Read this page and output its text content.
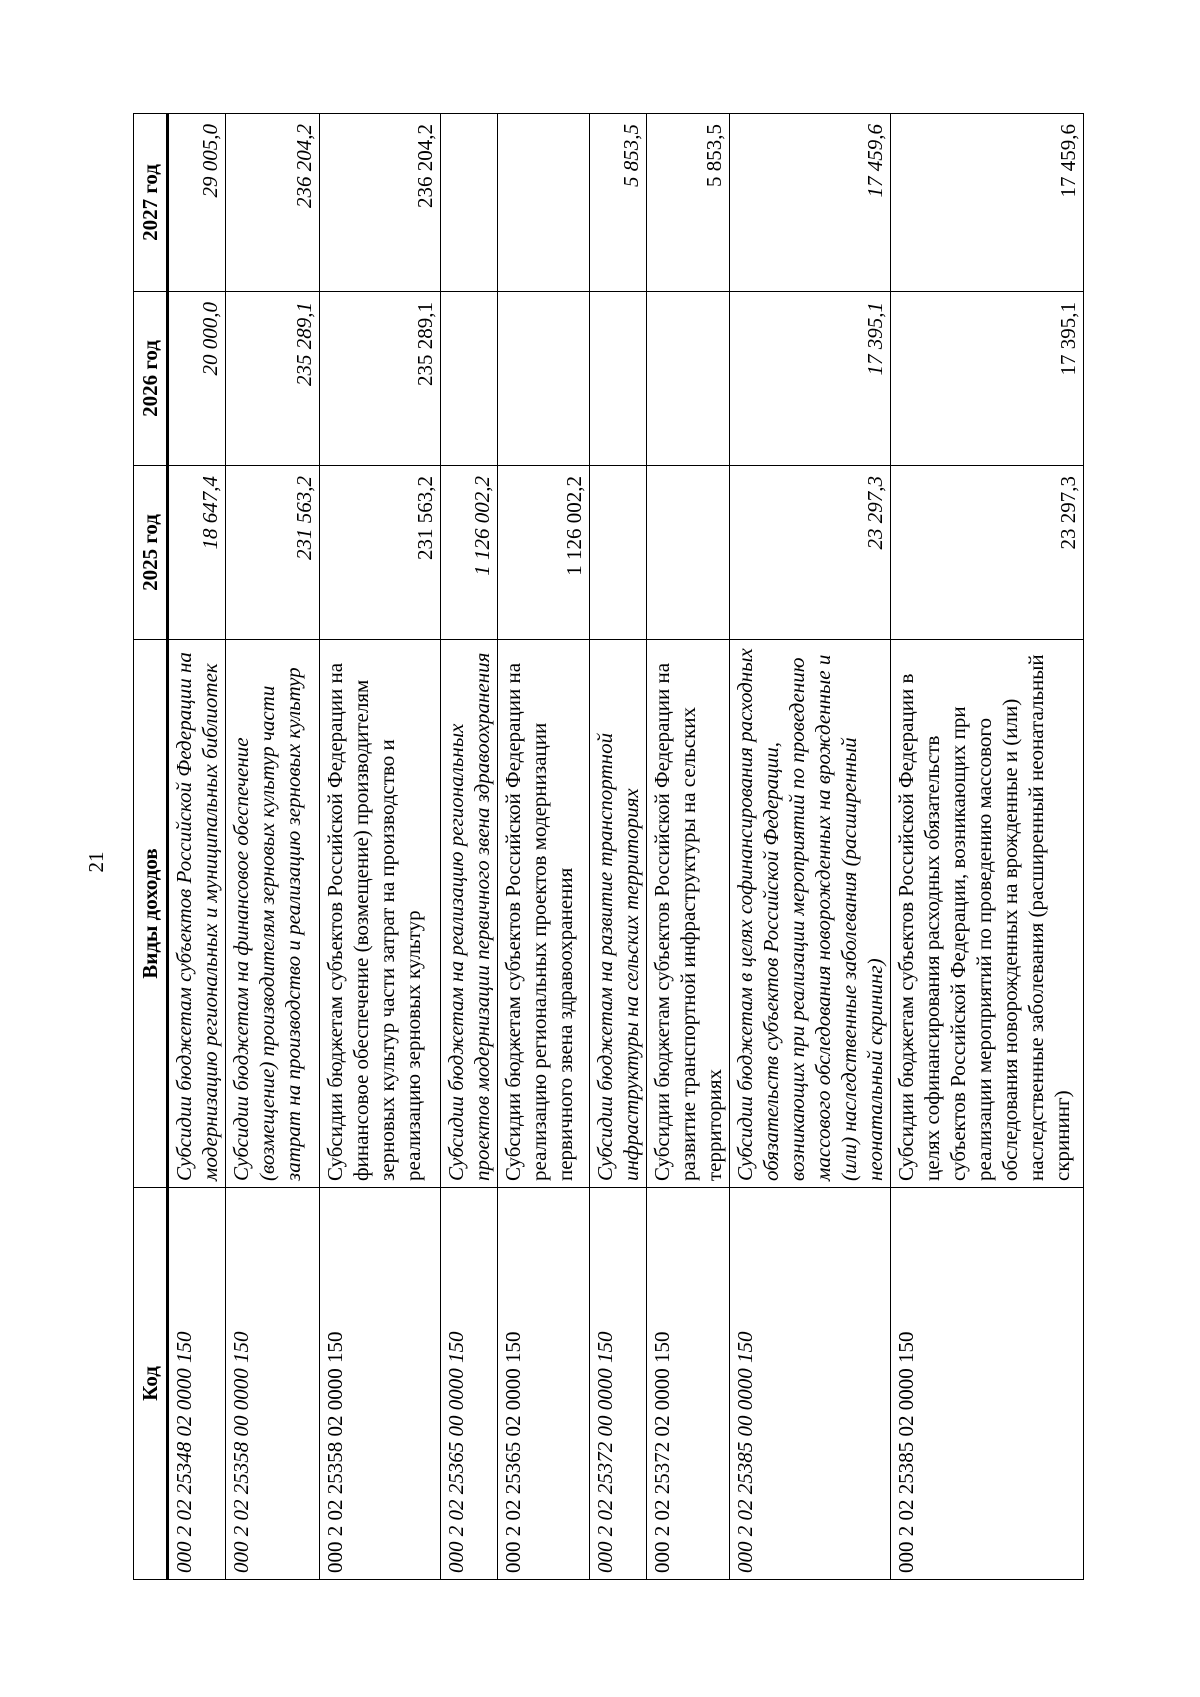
21
Код	Виды доходов	2025 год	2026 год	2027 год
000 2 02 25348 02 0000 150	Субсидии бюджетам субъектов Российской Федерации на модернизацию региональных и муниципальных библиотек	18 647,4	20 000,0	29 005,0
000 2 02 25358 00 0000 150	Субсидии бюджетам на финансовое обеспечение (возмещение) производителям зерновых культур части затрат на производство и реализацию зерновых культур	231 563,2	235 289,1	236 204,2
000 2 02 25358 02 0000 150	Субсидии бюджетам субъектов Российской Федерации на финансовое обеспечение (возмещение) производителям зерновых культур части затрат на производство и реализацию зерновых культур	231 563,2	235 289,1	236 204,2
000 2 02 25365 00 0000 150	Субсидии бюджетам на реализацию региональных проектов модернизации первичного звена здравоохранения	1 126 002,2		
000 2 02 25365 02 0000 150	Субсидии бюджетам субъектов Российской Федерации на реализацию региональных проектов модернизации первичного звена здравоохранения	1 126 002,2		
000 2 02 25372 00 0000 150	Субсидии бюджетам на развитие транспортной инфраструктуры на сельских территориях			5 853,5
000 2 02 25372 02 0000 150	Субсидии бюджетам субъектов Российской Федерации на развитие транспортной инфраструктуры на сельских территориях			5 853,5
000 2 02 25385 00 0000 150	Субсидии бюджетам в целях софинансирования расходных обязательств субъектов Российской Федерации, возникающих при реализации мероприятий по проведению массового обследования новорожденных на врожденные и (или) наследственные заболевания (расширенный неонатальный скрининг)	23 297,3	17 395,1	17 459,6
000 2 02 25385 02 0000 150	Субсидии бюджетам субъектов Российской Федерации в целях софинансирования расходных обязательств субъектов Российской Федерации, возникающих при реализации мероприятий по проведению массового обследования новорожденных на врожденные и (или) наследственные заболевания (расширенный неонатальный скрининг)	23 297,3	17 395,1	17 459,6
